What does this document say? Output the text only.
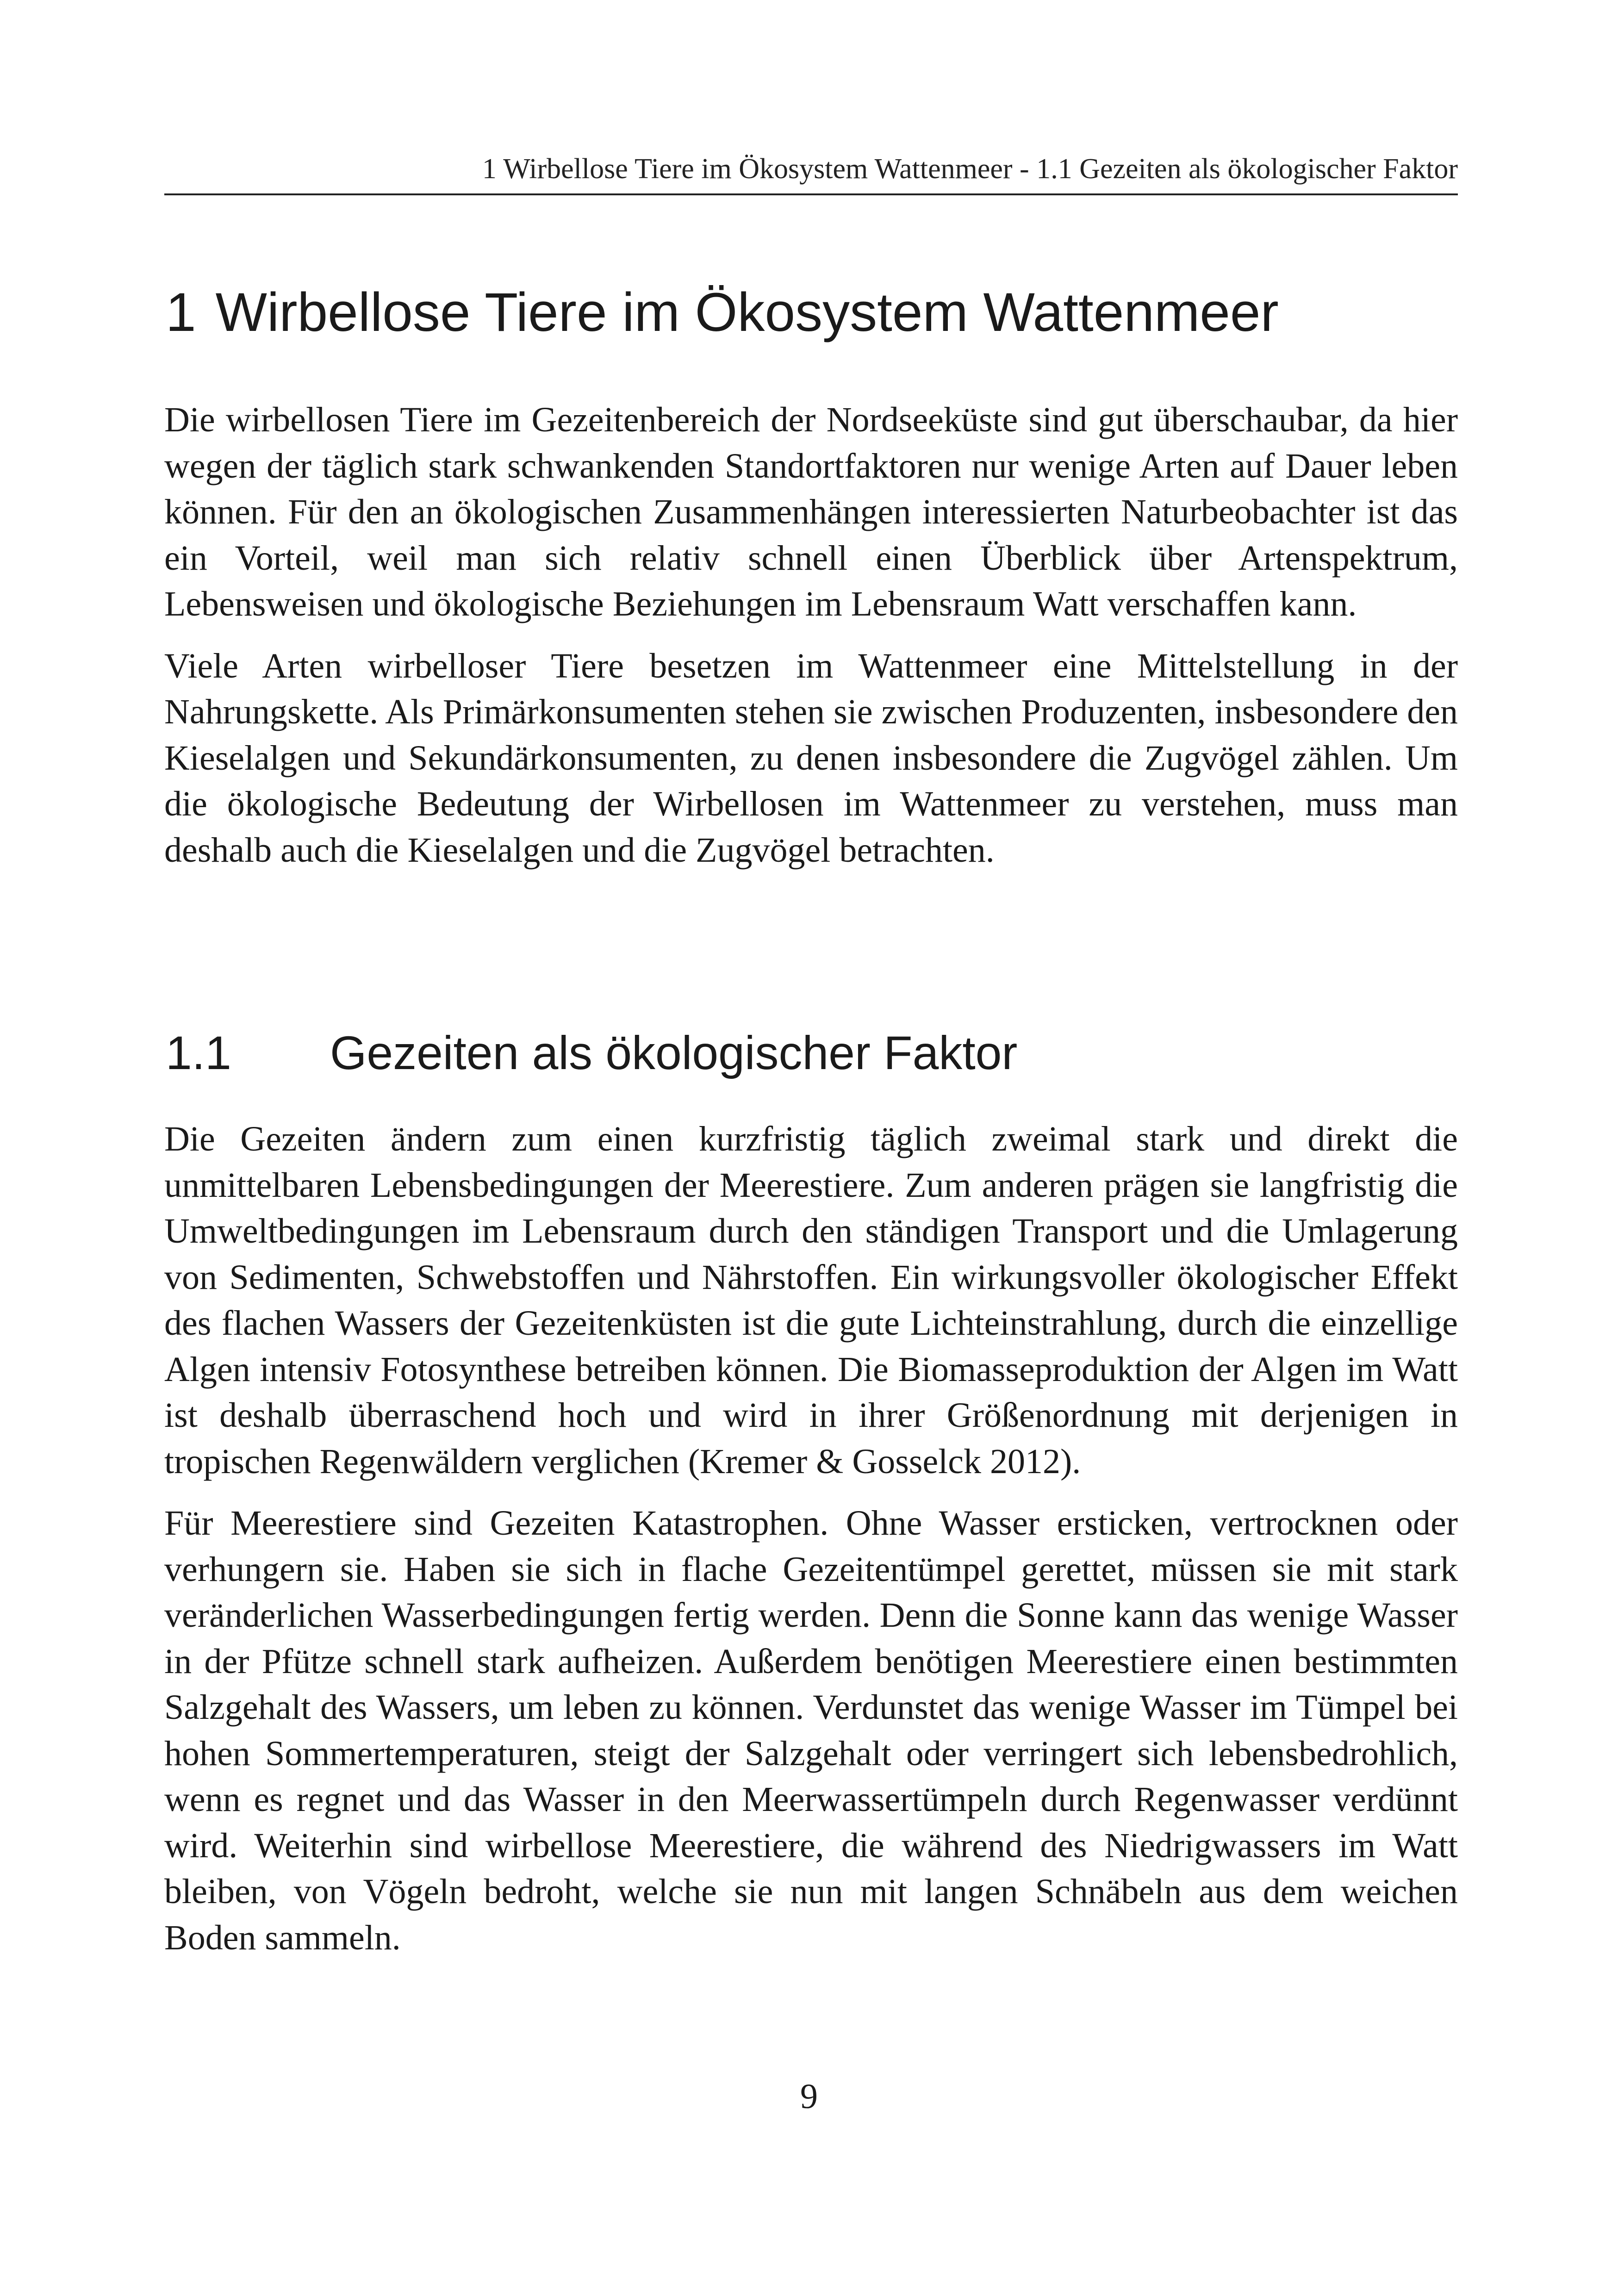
1 Wirbellose Tiere im Ökosystem Wattenmeer - 1.1 Gezeiten als ökologischer Faktor
1 Wirbellose Tiere im Ökosystem Wattenmeer

Die wirbellosen Tiere im Gezeitenbereich der Nordseeküste sind gut überschaubar, da hier wegen der täglich stark schwankenden Standortfaktoren nur wenige Arten auf Dauer leben können. Für den an ökologischen Zusammenhängen interessierten Naturbeobachter ist das ein Vorteil, weil man sich relativ schnell einen Überblick über Artenspektrum, Lebensweisen und ökologische Beziehungen im Lebensraum Watt verschaffen kann.

Viele Arten wirbelloser Tiere besetzen im Wattenmeer eine Mittelstellung in der Nahrungskette. Als Primärkonsumenten stehen sie zwischen Produzenten, insbesondere den Kieselalgen und Sekundärkonsumenten, zu denen insbesondere die Zugvögel zählen. Um die ökologische Bedeutung der Wirbellosen im Wattenmeer zu verstehen, muss man deshalb auch die Kieselalgen und die Zugvögel betrachten.

1.1 Gezeiten als ökologischer Faktor

Die Gezeiten ändern zum einen kurzfristig täglich zweimal stark und direkt die unmittelbaren Lebensbedingungen der Meerestiere. Zum anderen prägen sie langfristig die Umweltbedingungen im Lebensraum durch den ständigen Transport und die Umlagerung von Sedimenten, Schwebstoffen und Nährstoffen. Ein wirkungsvoller ökologischer Effekt des flachen Wassers der Gezeitenküsten ist die gute Lichteinstrahlung, durch die einzellige Algen intensiv Fotosynthese betreiben können. Die Biomasseproduktion der Algen im Watt ist deshalb überraschend hoch und wird in ihrer Größenordnung mit derjenigen in tropischen Regenwäldern verglichen (Kremer & Gosselck 2012).

Für Meerestiere sind Gezeiten Katastrophen. Ohne Wasser ersticken, vertrocknen oder verhungern sie. Haben sie sich in flache Gezeitentümpel gerettet, müssen sie mit stark veränderlichen Wasserbedingungen fertig werden. Denn die Sonne kann das wenige Wasser in der Pfütze schnell stark aufheizen. Außerdem benötigen Meerestiere einen bestimmten Salzgehalt des Wassers, um leben zu können. Verdunstet das wenige Wasser im Tümpel bei hohen Sommertemperaturen, steigt der Salzgehalt oder verringert sich lebensbedrohlich, wenn es regnet und das Wasser in den Meerwassertümpeln durch Regenwasser verdünnt wird. Weiterhin sind wirbellose Meerestiere, die während des Niedrigwassers im Watt bleiben, von Vögeln bedroht, welche sie nun mit langen Schnäbeln aus dem weichen Boden sammeln.

9
